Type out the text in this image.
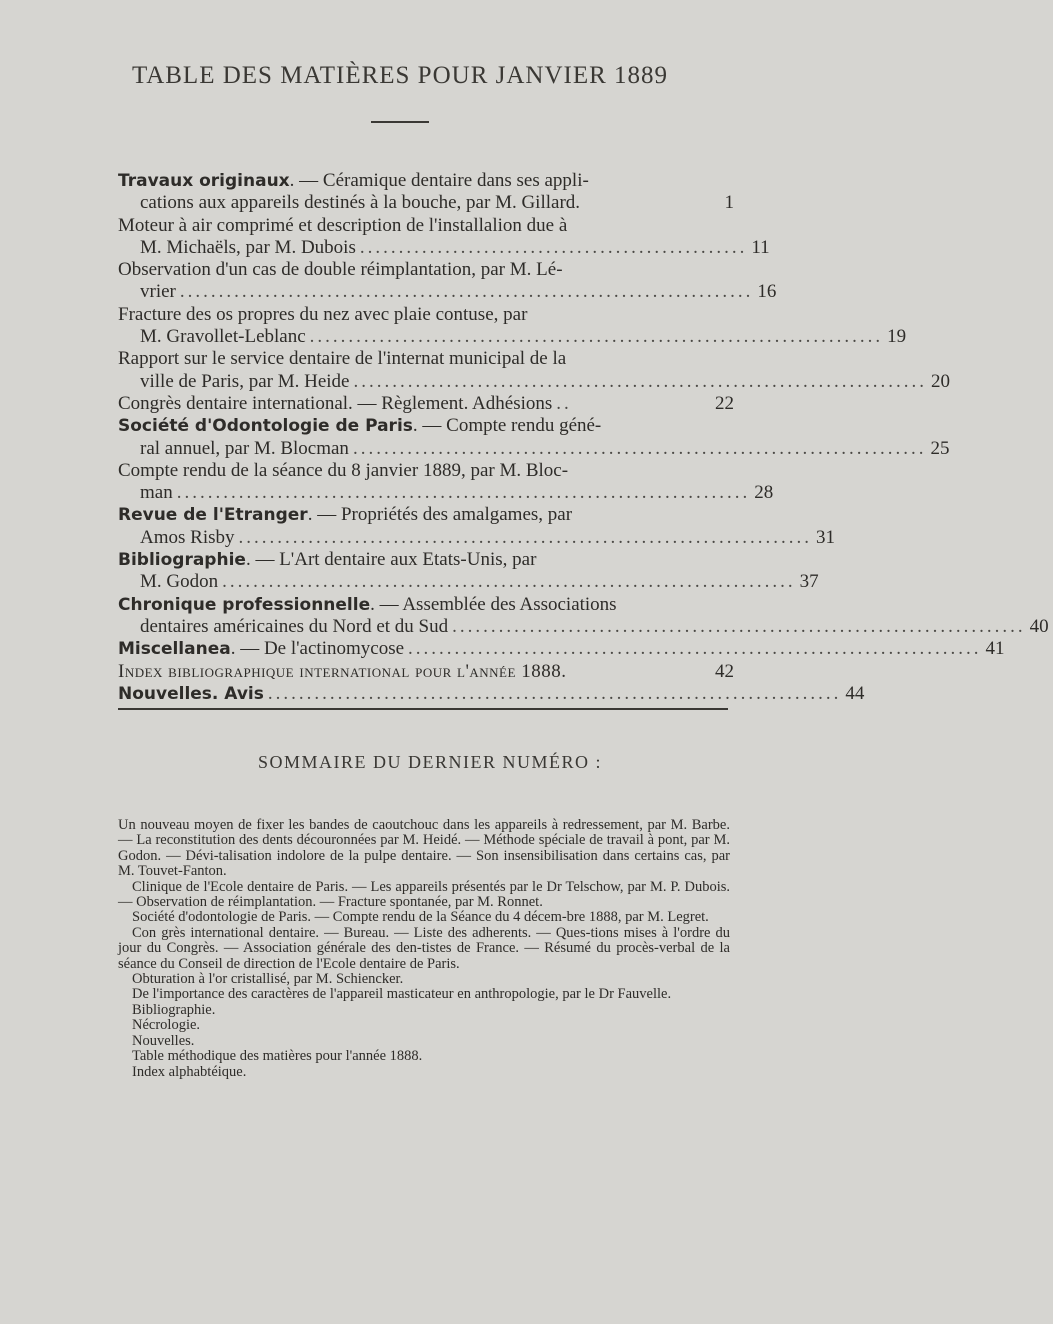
TABLE DES MATIÈRES POUR JANVIER 1889
Travaux originaux. — Céramique dentaire dans ses appli-
cations aux appareils destinés à la bouche, par M. Gillard.	1
Moteur à air comprimé et description de l'installalion due à
M. Michaëls, par M. Dubois .................................................. 11
Observation d'un cas de double réimplantation, par M. Lé-
vrier .......................................................................... 16
Fracture des os propres du nez avec plaie contuse, par
M. Gravollet-Leblanc .......................................................................... 19
Rapport sur le service dentaire de l'internat municipal de la
ville de Paris, par M. Heide .......................................................................... 20
Congrès dentaire international. — Règlement. Adhésions ..	22
Société d'Odontologie de Paris. — Compte rendu géné-
ral annuel, par M. Blocman .......................................................................... 25
Compte rendu de la séance du 8 janvier 1889, par M. Bloc-
man .......................................................................... 28
Revue de l'Etranger. — Propriétés des amalgames, par
Amos Risby .......................................................................... 31
Bibliographie. — L'Art dentaire aux Etats-Unis, par
M. Godon .......................................................................... 37
Chronique professionnelle. — Assemblée des Associations
dentaires américaines du Nord et du Sud .......................................................................... 40
Miscellanea. — De l'actinomycose .......................................................................... 41
Index bibliographique international pour l'année 1888.	42
Nouvelles. Avis .......................................................................... 44
SOMMAIRE DU DERNIER NUMÉRO :

Un nouveau moyen de fixer les bandes de caoutchouc dans les appareils à redressement, par M. Barbe. — La reconstitution des dents découronnées par M. Heidé. — Méthode spéciale de travail à pont, par M. Godon. — Dévi-talisation indolore de la pulpe dentaire. — Son insensibilisation dans certains cas, par M. Touvet-Fanton.

Clinique de l'Ecole dentaire de Paris. — Les appareils présentés par le Dr Telschow, par M. P. Dubois. — Observation de réimplantation. — Fracture spontanée, par M. Ronnet.

Société d'odontologie de Paris. — Compte rendu de la Séance du 4 décem-bre 1888, par M. Legret.

Con grès international dentaire. — Bureau. — Liste des adherents. — Ques-tions mises à l'ordre du jour du Congrès. — Association générale des den-tistes de France. — Résumé du procès-verbal de la séance du Conseil de direction de l'Ecole dentaire de Paris.

Obturation à l'or cristallisé, par M. Schiencker.

De l'importance des caractères de l'appareil masticateur en anthropologie, par le Dr Fauvelle.

Bibliographie.

Nécrologie.

Nouvelles.

Table méthodique des matières pour l'année 1888.

Index alphabtéique.
